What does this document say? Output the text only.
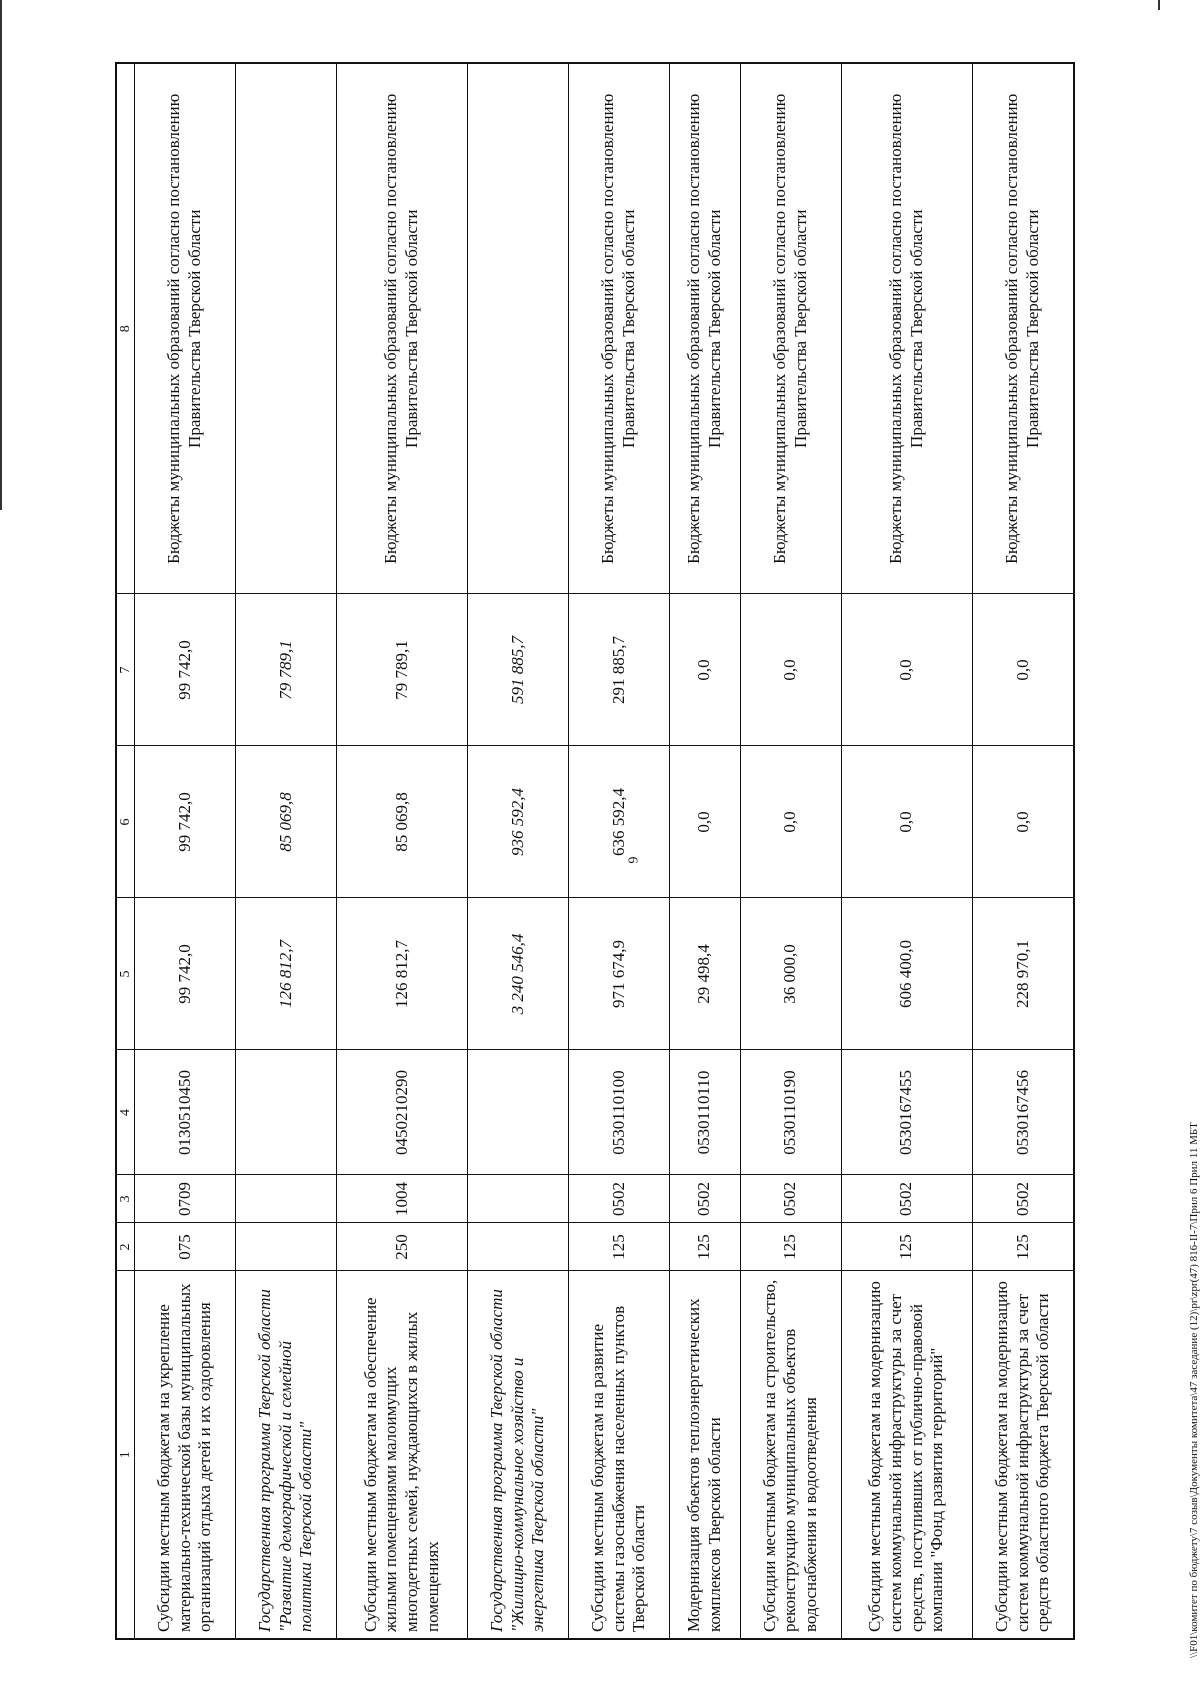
6
1	2	3	4	5	6	7	8
Субсидии местным бюджетам на укрепление материально-технической базы муниципальных организаций отдыха детей и их оздоровления	075	0709	0130510450	99 742,0	99 742,0	99 742,0	Бюджеты муниципальных образований согласно постановлению Правительства Тверской области
Государственная программа Тверской области "Развитие демографической и семейной политики Тверской области"				126 812,7	85 069,8	79 789,1	
Субсидии местным бюджетам на обеспечение жилыми помещениями малоимущих многодетных семей, нуждающихся в жилых помещениях	250	1004	0450210290	126 812,7	85 069,8	79 789,1	Бюджеты муниципальных образований согласно постановлению Правительства Тверской области
Государственная программа Тверской области "Жилищно-коммунальное хозяйство и энергетика Тверской области"				3 240 546,4	936 592,4	591 885,7	
Субсидии местным бюджетам на развитие системы газоснабжения населенных пунктов Тверской области	125	0502	0530110100	971 674,9	636 592,4	291 885,7	Бюджеты муниципальных образований согласно постановлению Правительства Тверской области
Модернизация объектов теплоэнергетических комплексов Тверской области	125	0502	0530110110	29 498,4	0,0	0,0	Бюджеты муниципальных образований согласно постановлению Правительства Тверской области
Субсидии местным бюджетам на строительство, реконструкцию муниципальных объектов водоснабжения и водоотведения	125	0502	0530110190	36 000,0	0,0	0,0	Бюджеты муниципальных образований согласно постановлению Правительства Тверской области
Субсидии местным бюджетам на модернизацию систем коммунальной инфраструктуры за счет средств, поступивших от публично-правовой компании "Фонд развития территорий"	125	0502	0530167455	606 400,0	0,0	0,0	Бюджеты муниципальных образований согласно постановлению Правительства Тверской области
Субсидии местным бюджетам на модернизацию систем коммунальной инфраструктуры за счет средств областного бюджета Тверской области	125	0502	0530167456	228 970,1	0,0	0,0	Бюджеты муниципальных образований согласно постановлению Правительства Тверской области
\\F01\комитет по бюджету\7 созыв\Документы комитета\47 заседание (12)\pr\zpr(47) 816-II-7\Прил 6 Прил 11 МБТ
